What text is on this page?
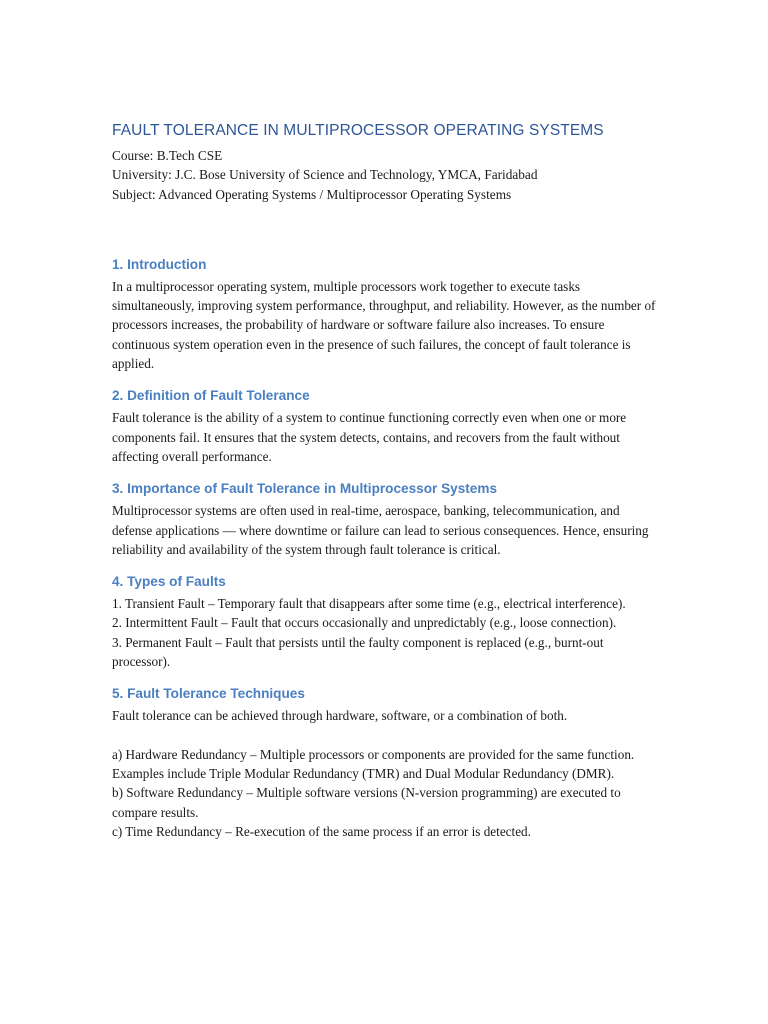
FAULT TOLERANCE IN MULTIPROCESSOR OPERATING SYSTEMS
Course: B.Tech CSE
University: J.C. Bose University of Science and Technology, YMCA, Faridabad
Subject: Advanced Operating Systems / Multiprocessor Operating Systems
1. Introduction

In a multiprocessor operating system, multiple processors work together to execute tasks simultaneously, improving system performance, throughput, and reliability. However, as the number of processors increases, the probability of hardware or software failure also increases. To ensure continuous system operation even in the presence of such failures, the concept of fault tolerance is applied.

2. Definition of Fault Tolerance

Fault tolerance is the ability of a system to continue functioning correctly even when one or more components fail. It ensures that the system detects, contains, and recovers from the fault without affecting overall performance.

3. Importance of Fault Tolerance in Multiprocessor Systems

Multiprocessor systems are often used in real-time, aerospace, banking, telecommunication, and defense applications — where downtime or failure can lead to serious consequences. Hence, ensuring reliability and availability of the system through fault tolerance is critical.

4. Types of Faults

1. Transient Fault – Temporary fault that disappears after some time (e.g., electrical interference).

2. Intermittent Fault – Fault that occurs occasionally and unpredictably (e.g., loose connection).

3. Permanent Fault – Fault that persists until the faulty component is replaced (e.g., burnt-out processor).

5. Fault Tolerance Techniques

Fault tolerance can be achieved through hardware, software, or a combination of both.

a) Hardware Redundancy – Multiple processors or components are provided for the same function. Examples include Triple Modular Redundancy (TMR) and Dual Modular Redundancy (DMR).

b) Software Redundancy – Multiple software versions (N-version programming) are executed to compare results.

c) Time Redundancy – Re-execution of the same process if an error is detected.
